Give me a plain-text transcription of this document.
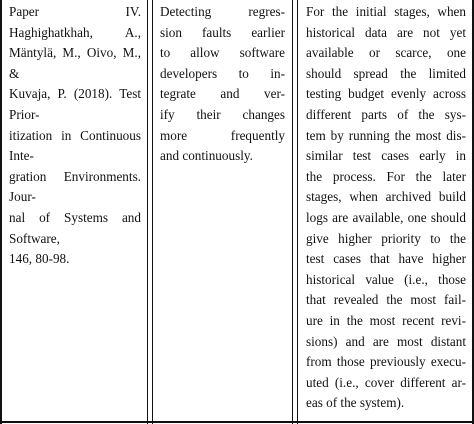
Paper IV. Haghighatkhah, A.,
Mäntylä, M., Oivo, M., &
Kuvaja, P. (2018). Test Prior-
itization in Continuous Inte-
gration Environments. Jour-
nal of Systems and Software,
146, 80-98.
Detecting regres-
sion faults earlier
to allow software
developers to in-
tegrate and ver-
ify their changes
more frequently
and continuously.
For the initial stages, when
historical data are not yet
available or scarce, one
should spread the limited
testing budget evenly across
different parts of the sys-
tem by running the most dis-
similar test cases early in
the process. For the later
stages, when archived build
logs are available, one should
give higher priority to the
test cases that have higher
historical value (i.e., those
that revealed the most fail-
ure in the most recent revi-
sions) and are most distant
from those previously execu-
uted (i.e., cover different ar-
eas of the system).
